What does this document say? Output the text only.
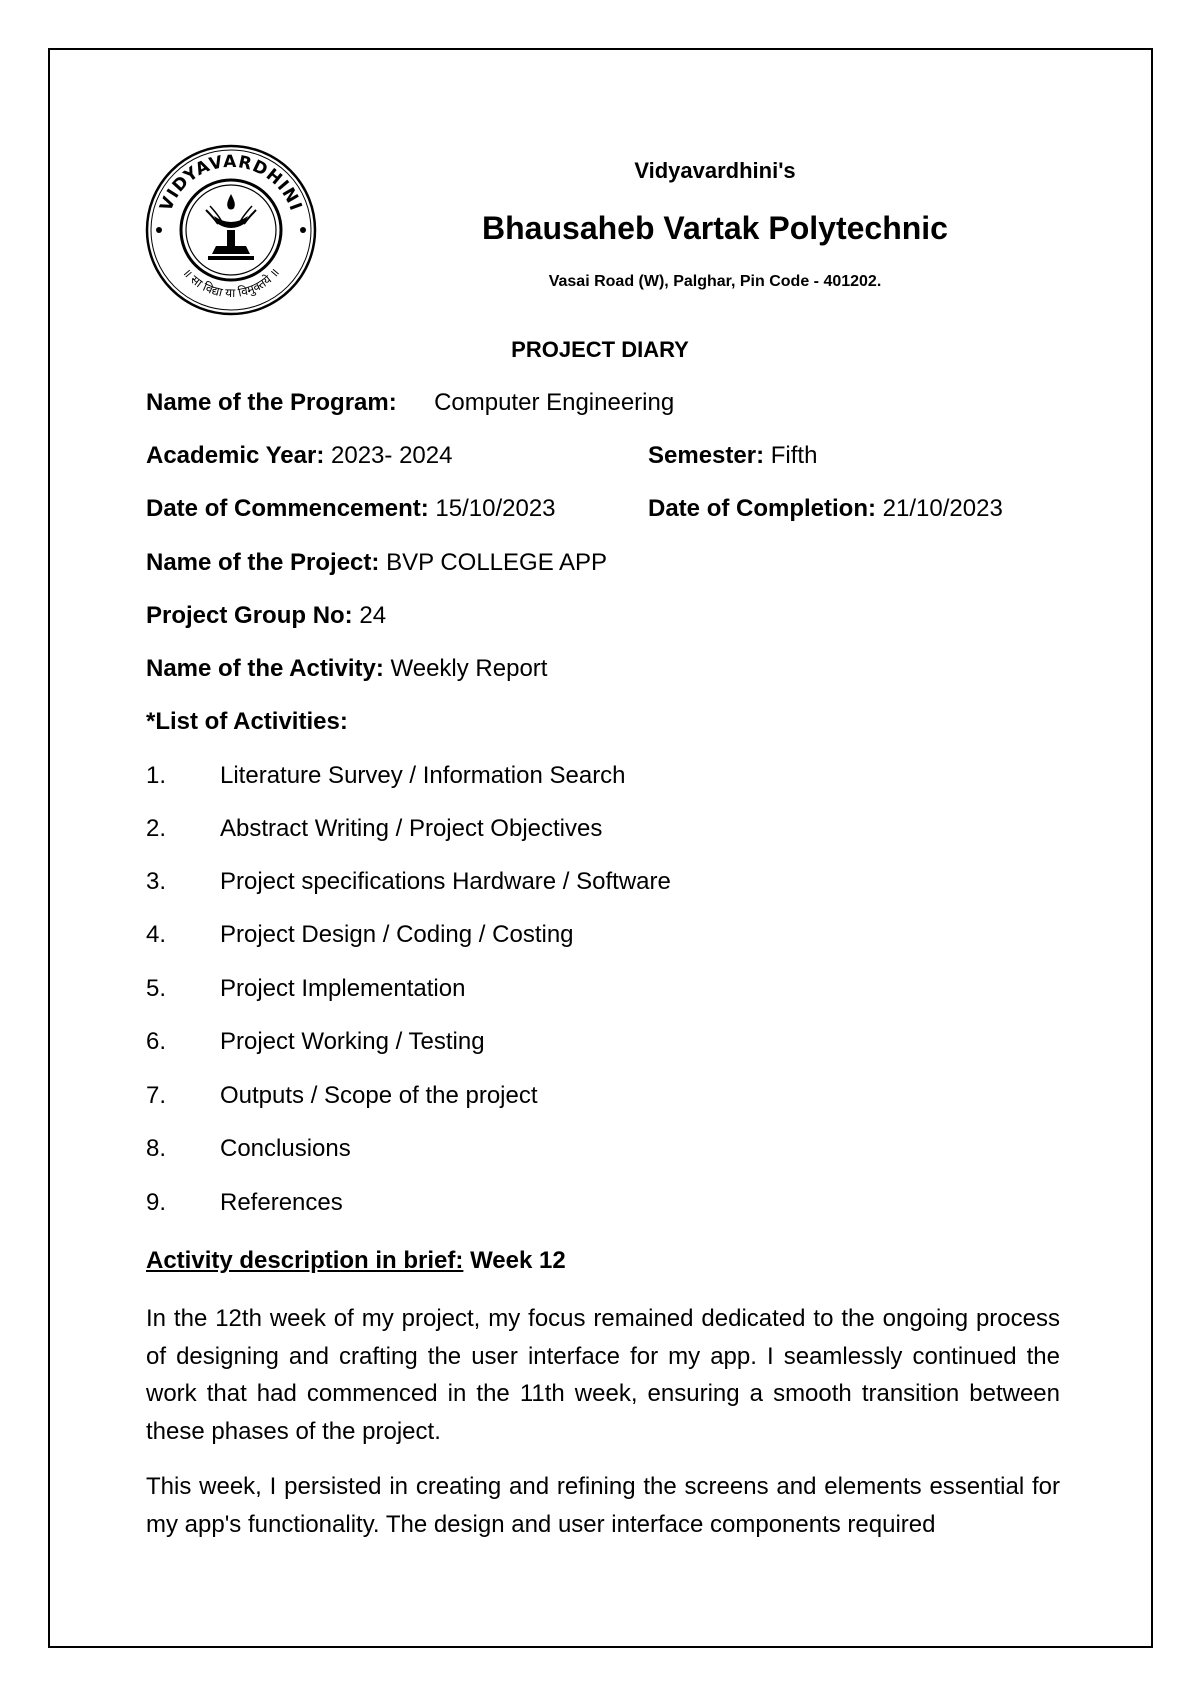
VIDYAVARDHINI
॥ सा विद्या या विमुक्तये ॥
Vidyavardhini's
Bhausaheb Vartak Polytechnic
Vasai Road (W), Palghar, Pin Code - 401202.
PROJECT DIARY
Name of the Program: Computer Engineering
Academic Year: 2023- 2024	Semester: Fifth
Date of Commencement: 15/10/2023	Date of Completion: 21/10/2023
Name of the Project: BVP COLLEGE APP
Project Group No: 24
Name of the Activity: Weekly Report
*List of Activities:
1. Literature Survey / Information Search
2. Abstract Writing / Project Objectives
3. Project specifications Hardware / Software
4. Project Design / Coding / Costing
5. Project Implementation
6. Project Working / Testing
7. Outputs / Scope of the project
8. Conclusions
9. References
Activity description in brief: Week 12

In the 12th week of my project, my focus remained dedicated to the ongoing process of designing and crafting the user interface for my app. I seamlessly continued the work that had commenced in the 11th week, ensuring a smooth transition between these phases of the project.

This week, I persisted in creating and refining the screens and elements essential for my app's functionality. The design and user interface components required
